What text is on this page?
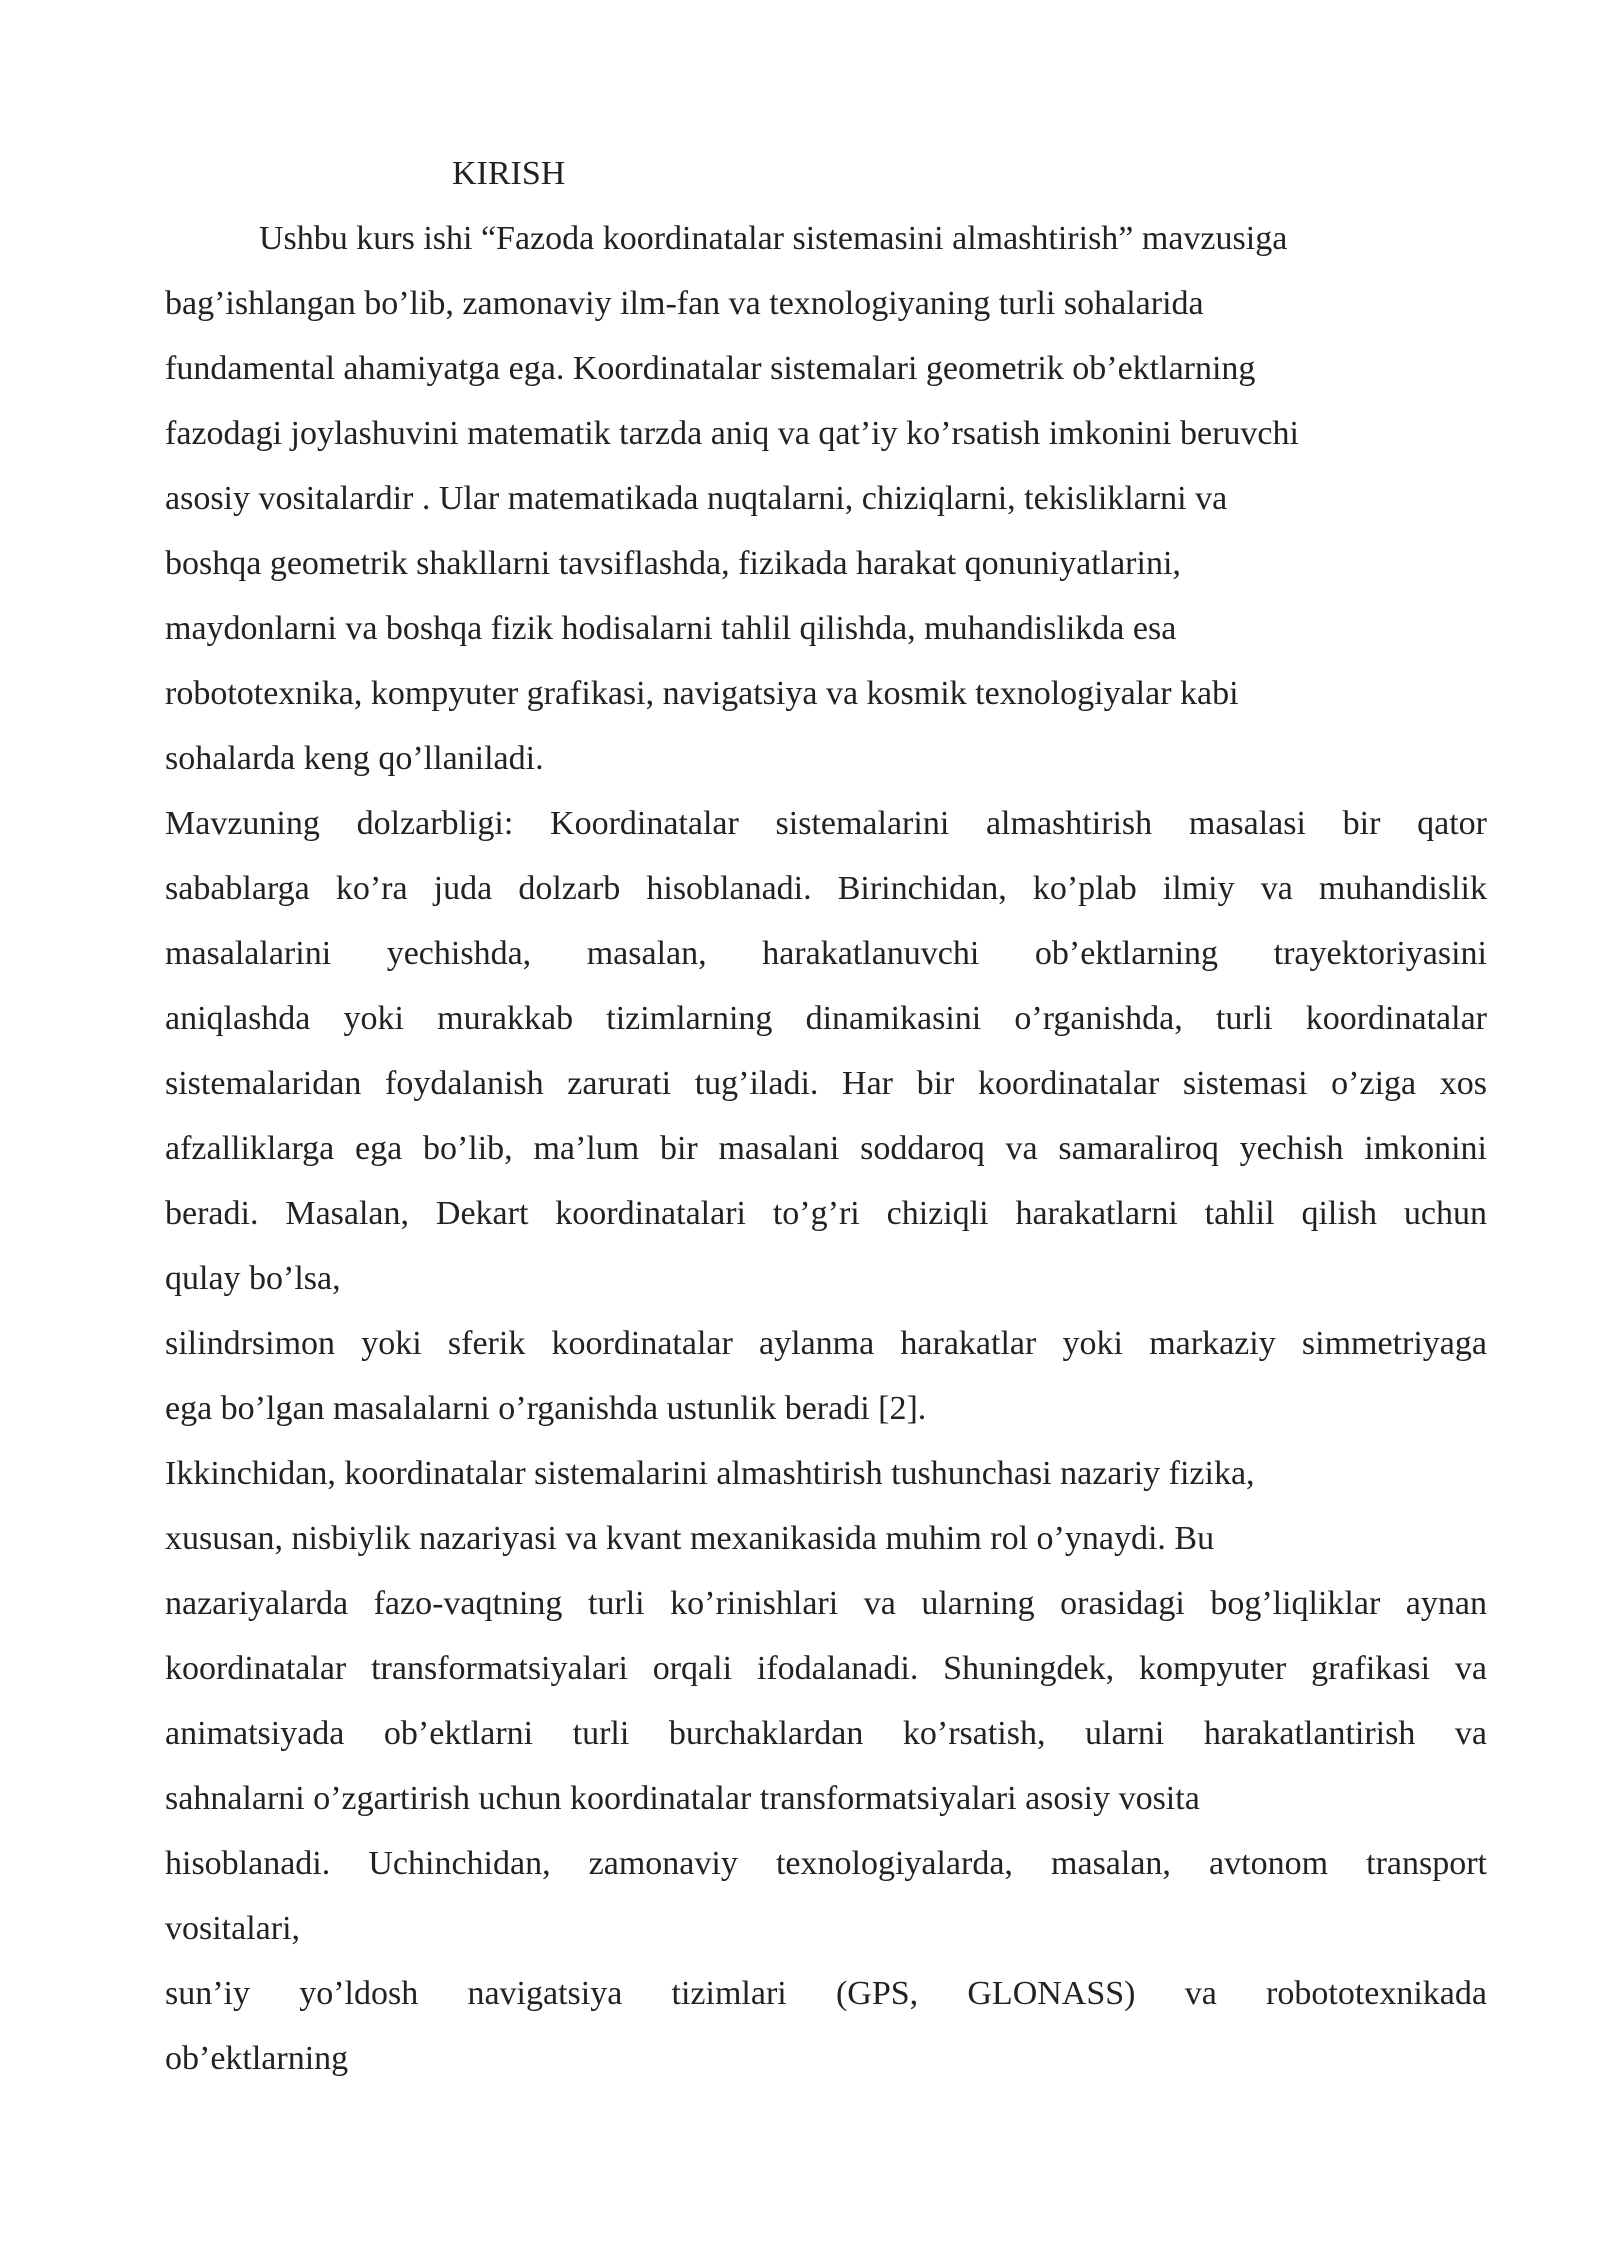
KIRISH
Ushbu kurs ishi “Fazoda koordinatalar sistemasini almashtirish” mavzusiga
bag’ishlangan bo’lib, zamonaviy ilm-fan va texnologiyaning turli sohalarida
fundamental ahamiyatga ega. Koordinatalar sistemalari geometrik ob’ektlarning
fazodagi joylashuvini matematik tarzda aniq va qat’iy ko’rsatish imkonini beruvchi
asosiy vositalardir . Ular matematikada nuqtalarni, chiziqlarni, tekisliklarni va
boshqa geometrik shakllarni tavsiflashda, fizikada harakat qonuniyatlarini,
maydonlarni va boshqa fizik hodisalarni tahlil qilishda, muhandislikda esa
robototexnika, kompyuter grafikasi, navigatsiya va kosmik texnologiyalar kabi
sohalarda keng qo’llaniladi.
Mavzuning dolzarbligi: Koordinatalar sistemalarini almashtirish masalasi bir qator
sabablarga ko’ra juda dolzarb hisoblanadi. Birinchidan, ko’plab ilmiy va muhandislik
masalalarini yechishda, masalan, harakatlanuvchi ob’ektlarning trayektoriyasini
aniqlashda yoki murakkab tizimlarning dinamikasini o’rganishda, turli koordinatalar
sistemalaridan foydalanish zarurati tug’iladi. Har bir koordinatalar sistemasi o’ziga xos
afzalliklarga ega bo’lib, ma’lum bir masalani soddaroq va samaraliroq yechish imkonini
beradi. Masalan, Dekart koordinatalari to’g’ri chiziqli harakatlarni tahlil qilish uchun
qulay bo’lsa,
silindrsimon yoki sferik koordinatalar aylanma harakatlar yoki markaziy simmetriyaga
ega bo’lgan masalalarni o’rganishda ustunlik beradi [2].
Ikkinchidan, koordinatalar sistemalarini almashtirish tushunchasi nazariy fizika,
xususan, nisbiylik nazariyasi va kvant mexanikasida muhim rol o’ynaydi. Bu
nazariyalarda fazo-vaqtning turli ko’rinishlari va ularning orasidagi bog’liqliklar aynan
koordinatalar transformatsiyalari orqali ifodalanadi. Shuningdek, kompyuter grafikasi va
animatsiyada ob’ektlarni turli burchaklardan ko’rsatish, ularni harakatlantirish va
sahnalarni o’zgartirish uchun koordinatalar transformatsiyalari asosiy vosita
hisoblanadi. Uchinchidan, zamonaviy texnologiyalarda, masalan, avtonom transport
vositalari,
sun’iy yo’ldosh navigatsiya tizimlari (GPS, GLONASS) va robototexnikada
ob’ektlarning
